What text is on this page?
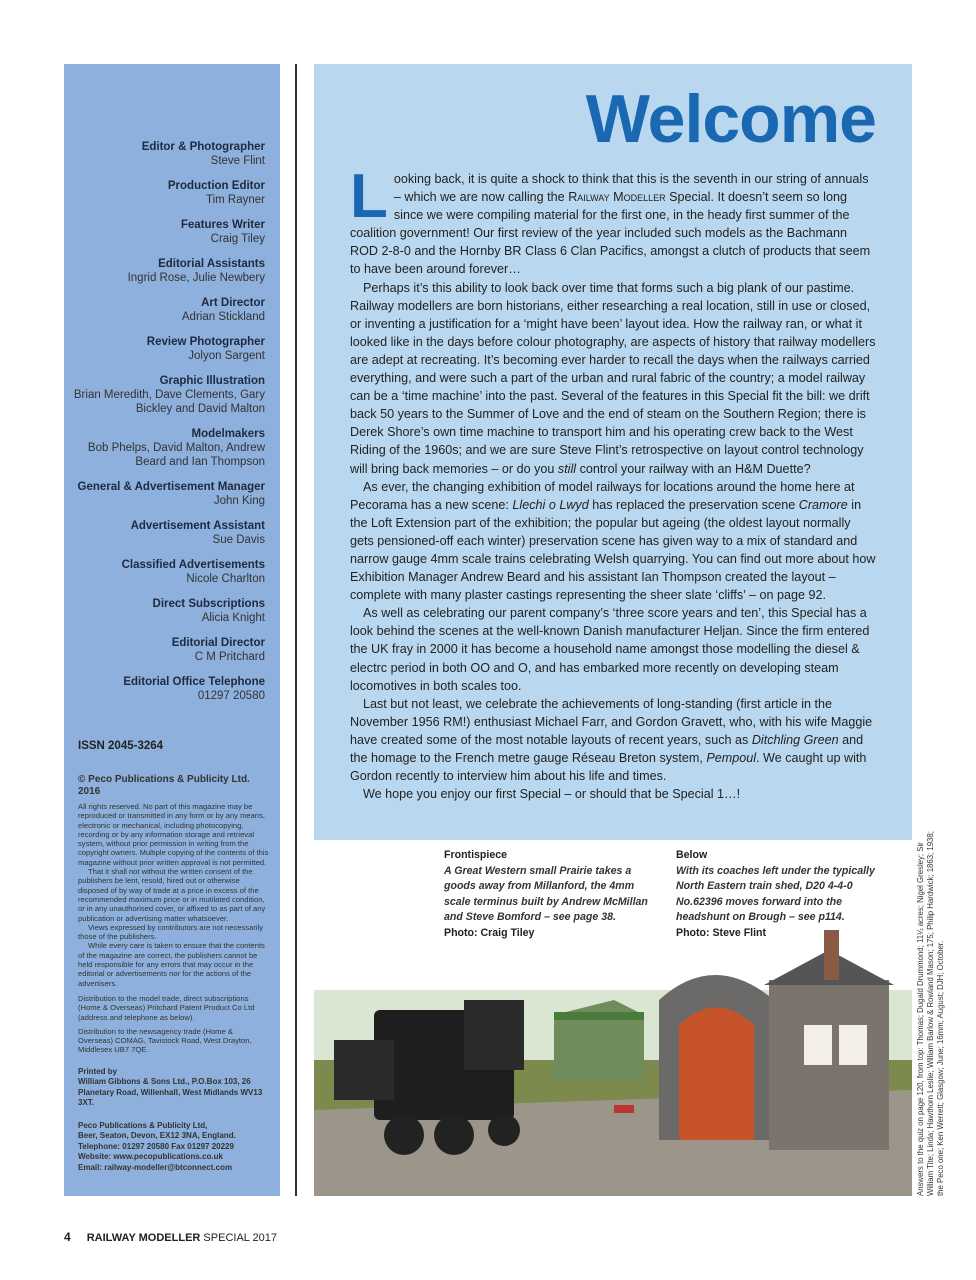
Editor & Photographer
Steve Flint
Production Editor
Tim Rayner
Features Writer
Craig Tiley
Editorial Assistants
Ingrid Rose, Julie Newbery
Art Director
Adrian Stickland
Review Photographer
Jolyon Sargent
Graphic Illustration
Brian Meredith, Dave Clements, Gary Bickley and David Malton
Modelmakers
Bob Phelps, David Malton, Andrew Beard and Ian Thompson
General & Advertisement Manager
John King
Advertisement Assistant
Sue Davis
Classified Advertisements
Nicole Charlton
Direct Subscriptions
Alicia Knight
Editorial Director
C M Pritchard
Editorial Office Telephone
01297 20580
ISSN 2045-3264
© Peco Publications & Publicity Ltd. 2016

All rights reserved. No part of this magazine may be reproduced or transmitted in any form or by any means, electronic or mechanical, including photocopying, recording or by any information storage and retrieval system, without prior permission in writing from the copyright owners. Multiple copying of the contents of this magazine without prior written approval is not permitted.

That it shall not without the written consent of the publishers be lent, resold, hired out or otherwise disposed of by way of trade at a price in excess of the recommended maximum price or in mutilated condition, or in any unauthorised cover, or affixed to as part of any publication or advertising matter whatsoever.

Views expressed by contributors are not necessarily those of the publishers.

While every care is taken to ensure that the contents of the magazine are correct, the publishers cannot be held responsible for any errors that may occur in the editorial or advertisements nor for the actions of the advertisers.

Distribution to the model trade, direct subscriptions (Home & Overseas) Pritchard Patent Product Co Ltd (address and telephone as below).

Distribution to the newsagency trade (Home & Overseas) COMAG, Tavistock Road, West Drayton, Middlesex UB7 7QE.

Printed by
William Gibbons & Sons Ltd., P.O.Box 103, 26 Planetary Road, Willenhall, West Midlands WV13 3XT.
Peco Publications & Publicity Ltd,
Beer, Seaton, Devon, EX12 3NA, England.
Telephone: 01297 20580 Fax 01297 20229
Website: www.pecopublications.co.uk
Email: railway-modeller@btconnect.com
Welcome

Looking back, it is quite a shock to think that this is the seventh in our string of annuals – which we are now calling the Railway Modeller Special. It doesn’t seem so long since we were compiling material for the first one, in the heady first summer of the coalition government! Our first review of the year included such models as the Bachmann ROD 2-8-0 and the Hornby BR Class 6 Clan Pacifics, amongst a clutch of products that seem to have been around forever…

Perhaps it’s this ability to look back over time that forms such a big plank of our pastime. Railway modellers are born historians, either researching a real location, still in use or closed, or inventing a justification for a ‘might have been’ layout idea. How the railway ran, or what it looked like in the days before colour photography, are aspects of history that railway modellers are adept at recreating. It’s becoming ever harder to recall the days when the railways carried everything, and were such a part of the urban and rural fabric of the country; a model railway can be a ‘time machine’ into the past. Several of the features in this Special fit the bill: we drift back 50 years to the Summer of Love and the end of steam on the Southern Region; there is Derek Shore’s own time machine to transport him and his operating crew back to the West Riding of the 1960s; and we are sure Steve Flint’s retrospective on layout control technology will bring back memories – or do you still control your railway with an H&M Duette?

As ever, the changing exhibition of model railways for locations around the home here at Pecorama has a new scene: Llechi o Lwyd has replaced the preservation scene Cramore in the Loft Extension part of the exhibition; the popular but ageing (the oldest layout normally gets pensioned-off each winter) preservation scene has given way to a mix of standard and narrow gauge 4mm scale trains celebrating Welsh quarrying. You can find out more about how Exhibition Manager Andrew Beard and his assistant Ian Thompson created the layout – complete with many plaster castings representing the sheer slate ‘cliffs’ – on page 92.

As well as celebrating our parent company’s ‘three score years and ten’, this Special has a look behind the scenes at the well-known Danish manufacturer Heljan. Since the firm entered the UK fray in 2000 it has become a household name amongst those modelling the diesel & electrc period in both OO and O, and has embarked more recently on developing steam locomotives in both scales too.

Last but not least, we celebrate the achievements of long-standing (first article in the November 1956 RM!) enthusiast Michael Farr, and Gordon Gravett, who, with his wife Maggie have created some of the most notable layouts of recent years, such as Ditchling Green and the homage to the French metre gauge Réseau Breton system, Pempoul. We caught up with Gordon recently to interview him about his life and times.

We hope you enjoy our first Special – or should that be Special 1…!

Frontispiece
A Great Western small Prairie takes a goods away from Millanford, the 4mm scale terminus built by Andrew McMillan and Steve Bomford – see page 38.
Photo: Craig Tiley
Below
With its coaches left under the typically North Eastern train shed, D20 4-4-0 No.62396 moves forward into the headshunt on Brough – see p114.
Photo: Steve Flint	Answers to the quiz on page 120, from top: Thomas; Dugald Drummond; 11¼ acres; Nigel Gresley; Sir William Tite; Linda; Hawthorn Leslie; William Barlow & Rowland Mason; 175; Philip Hardwick; 1863; 1938; the Peco one; Ken Werrett; Glasgow; June; 16mm; August; DJH; October.
4 RAILWAY MODELLER SPECIAL 2017
